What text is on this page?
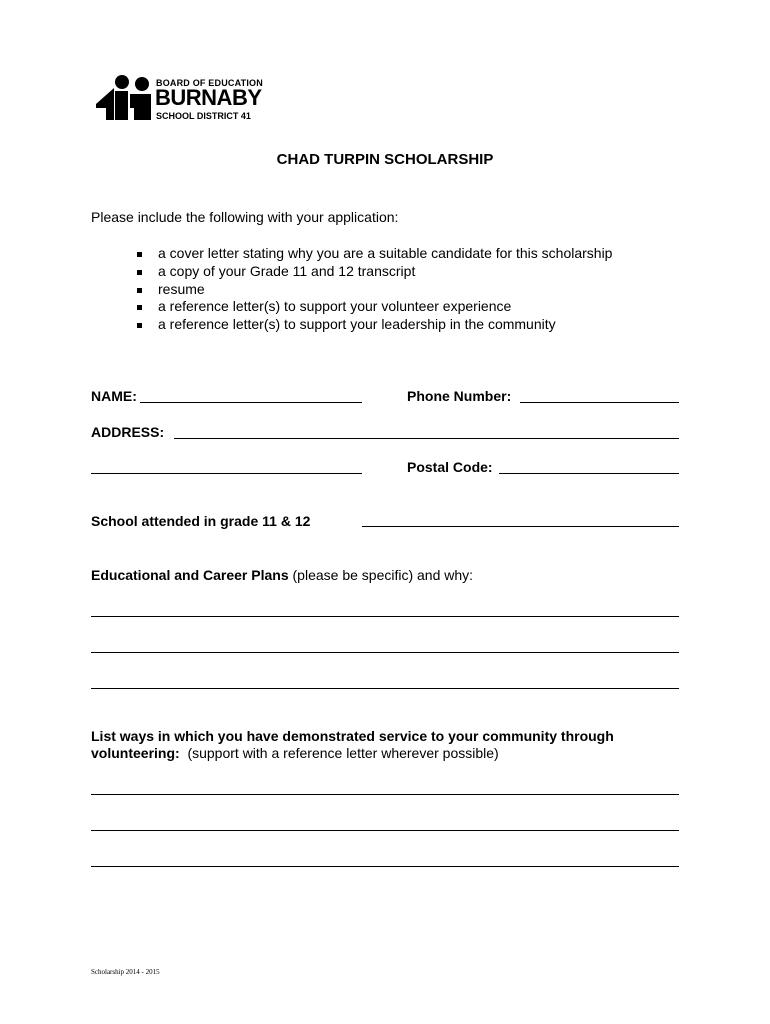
BOARD OF EDUCATION
BURNABY
SCHOOL DISTRICT 41
CHAD TURPIN SCHOLARSHIP
Please include the following with your application:
a cover letter stating why you are a suitable candidate for this scholarship
a copy of your Grade 11 and 12 transcript
resume
a reference letter(s) to support your volunteer experience
a reference letter(s) to support your leadership in the community
NAME:	Phone Number:
ADDRESS:
Postal Code:
School attended in grade 11 & 12
Educational and Career Plans (please be specific) and why:
List ways in which you have demonstrated service to your community through
volunteering:  (support with a reference letter wherever possible)
Scholarship 2014 - 2015
